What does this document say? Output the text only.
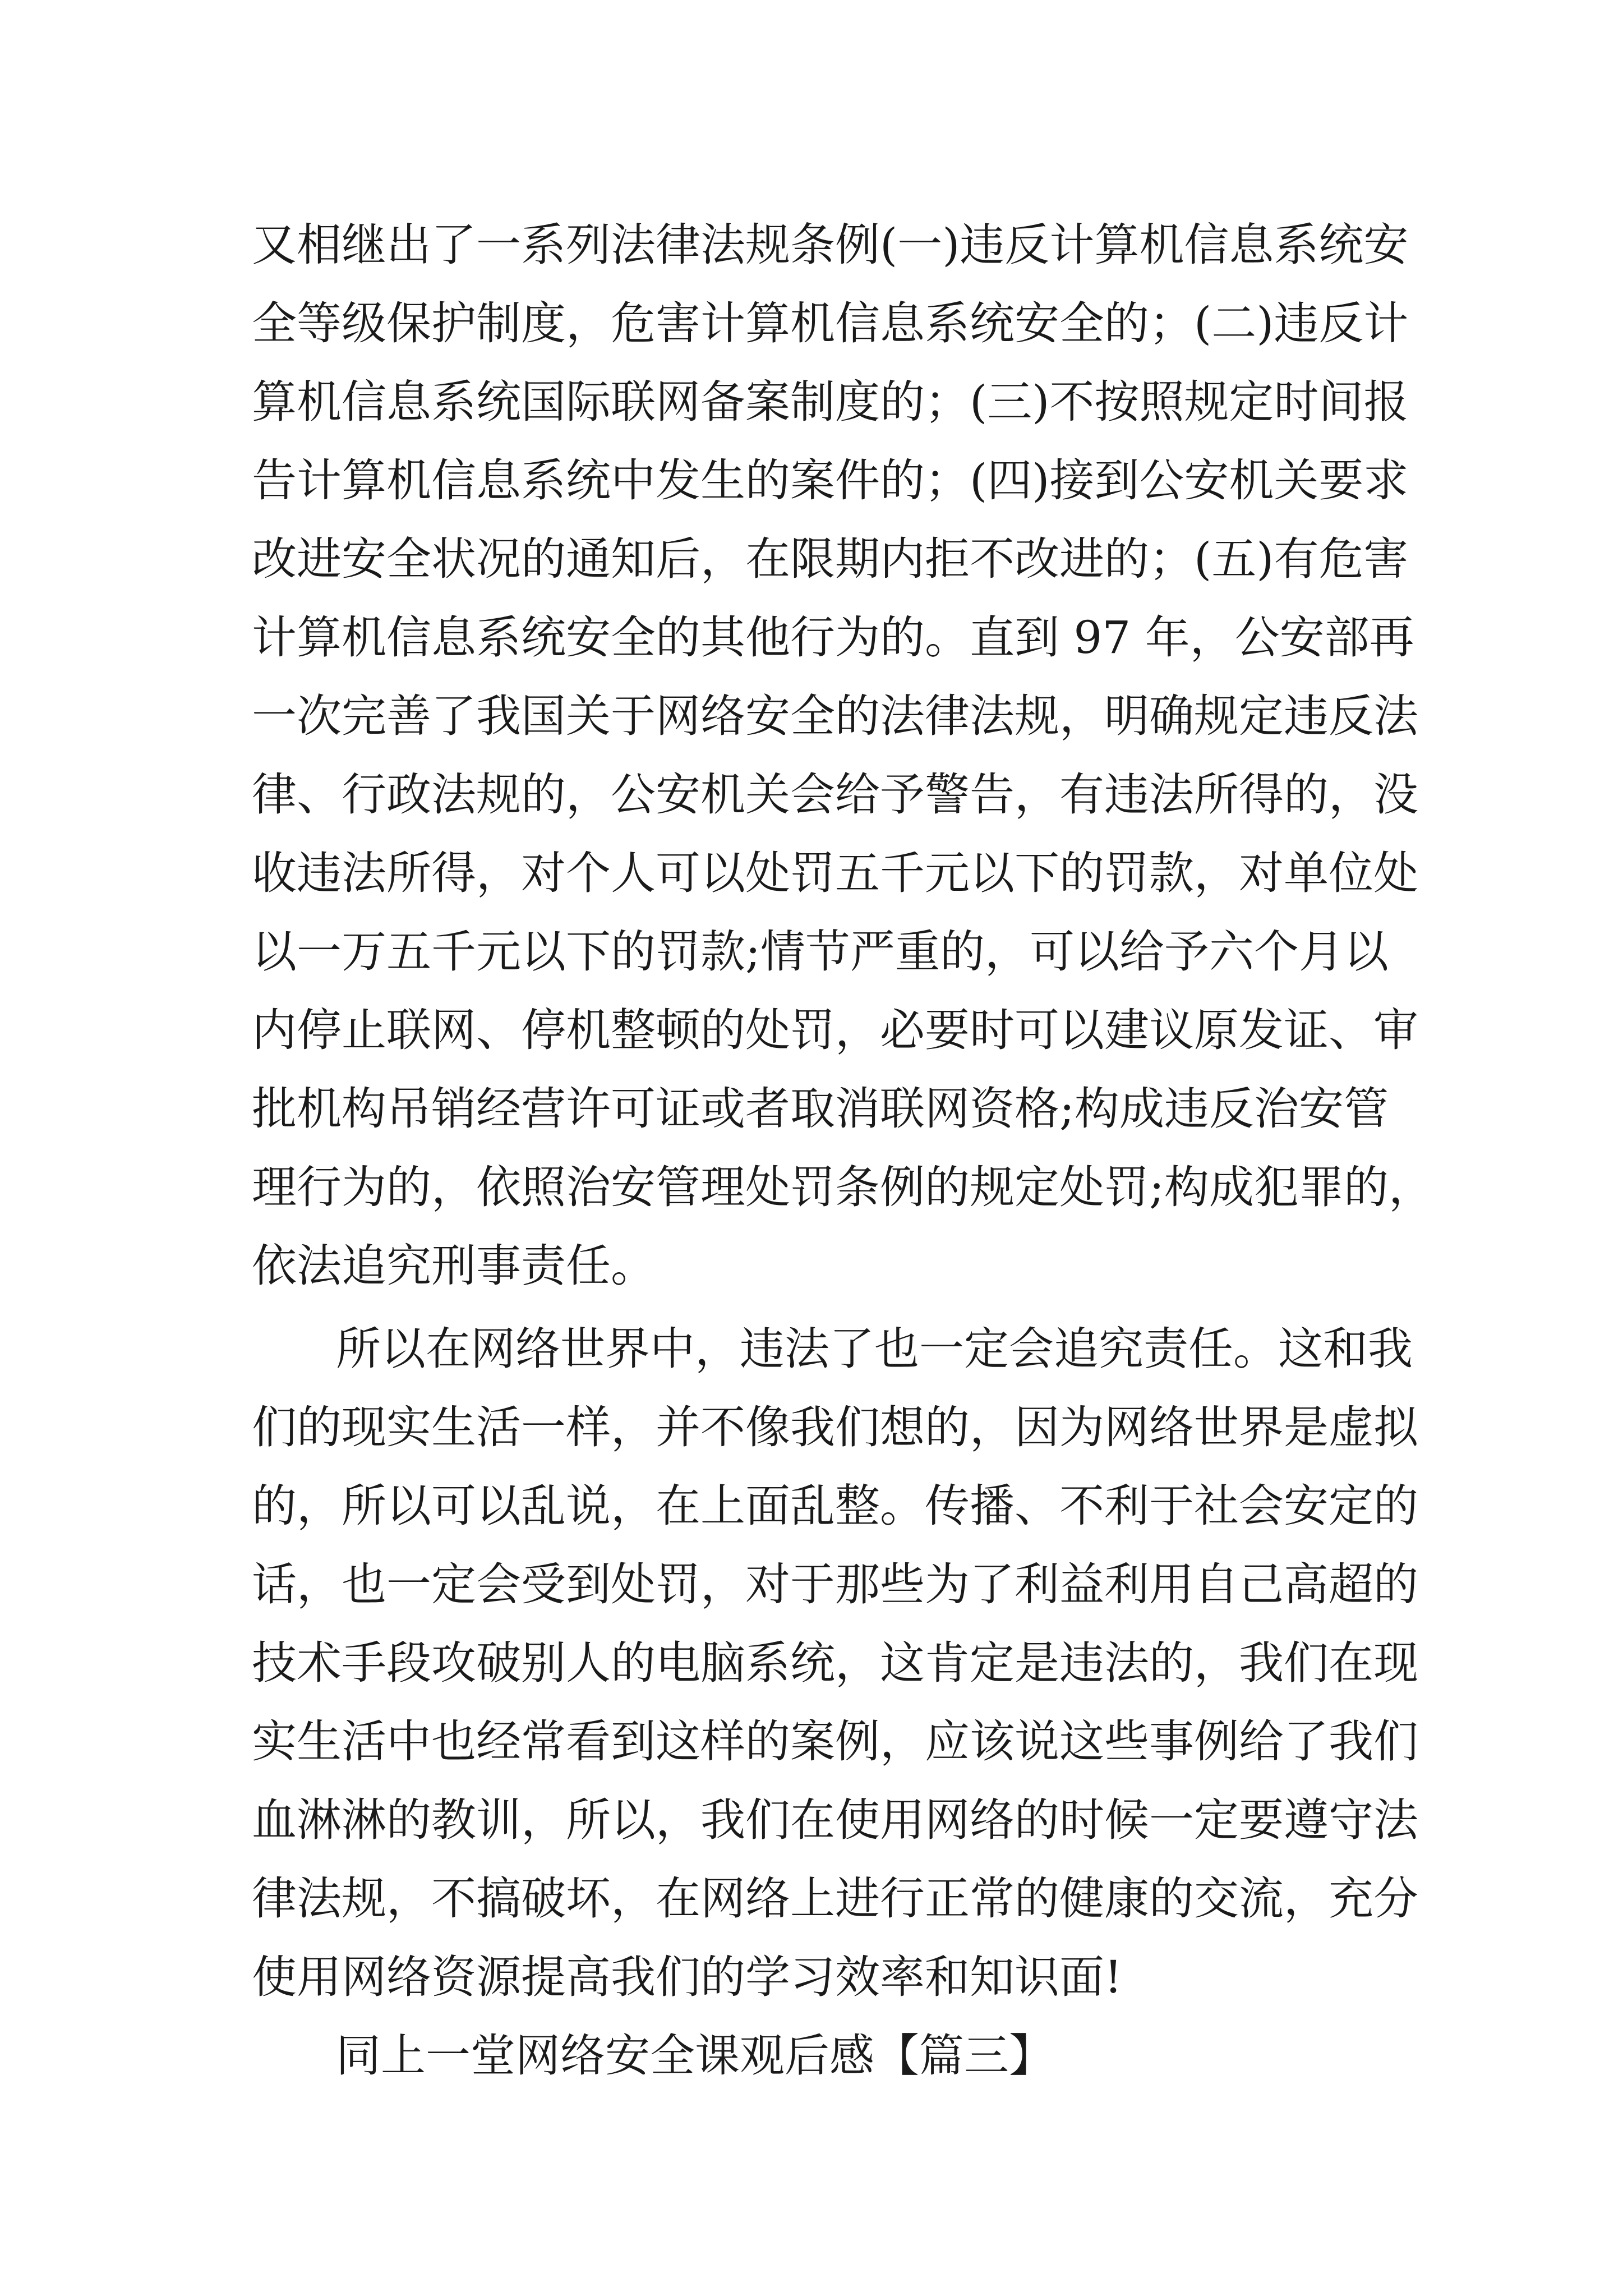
又相继出了一系列法律法规条例(一)违反计算机信息系统安
全等级保护制度，危害计算机信息系统安全的；(二)违反计
算机信息系统国际联网备案制度的；(三)不按照规定时间报
告计算机信息系统中发生的案件的；(四)接到公安机关要求
改进安全状况的通知后，在限期内拒不改进的；(五)有危害
计算机信息系统安全的其他行为的。直到 97 年，公安部再
一次完善了我国关于网络安全的法律法规，明确规定违反法
律、行政法规的，公安机关会给予警告，有违法所得的，没
收违法所得，对个人可以处罚五千元以下的罚款，对单位处
以一万五千元以下的罚款;情节严重的，可以给予六个月以
内停止联网、停机整顿的处罚，必要时可以建议原发证、审
批机构吊销经营许可证或者取消联网资格;构成违反治安管
理行为的，依照治安管理处罚条例的规定处罚;构成犯罪的，
依法追究刑事责任。
所以在网络世界中，违法了也一定会追究责任。这和我
们的现实生活一样，并不像我们想的，因为网络世界是虚拟
的，所以可以乱说，在上面乱整。传播、不利于社会安定的
话，也一定会受到处罚，对于那些为了利益利用自己高超的
技术手段攻破别人的电脑系统，这肯定是违法的，我们在现
实生活中也经常看到这样的案例，应该说这些事例给了我们
血淋淋的教训，所以，我们在使用网络的时候一定要遵守法
律法规，不搞破坏，在网络上进行正常的健康的交流，充分
使用网络资源提高我们的学习效率和知识面!
同上一堂网络安全课观后感【篇三】
